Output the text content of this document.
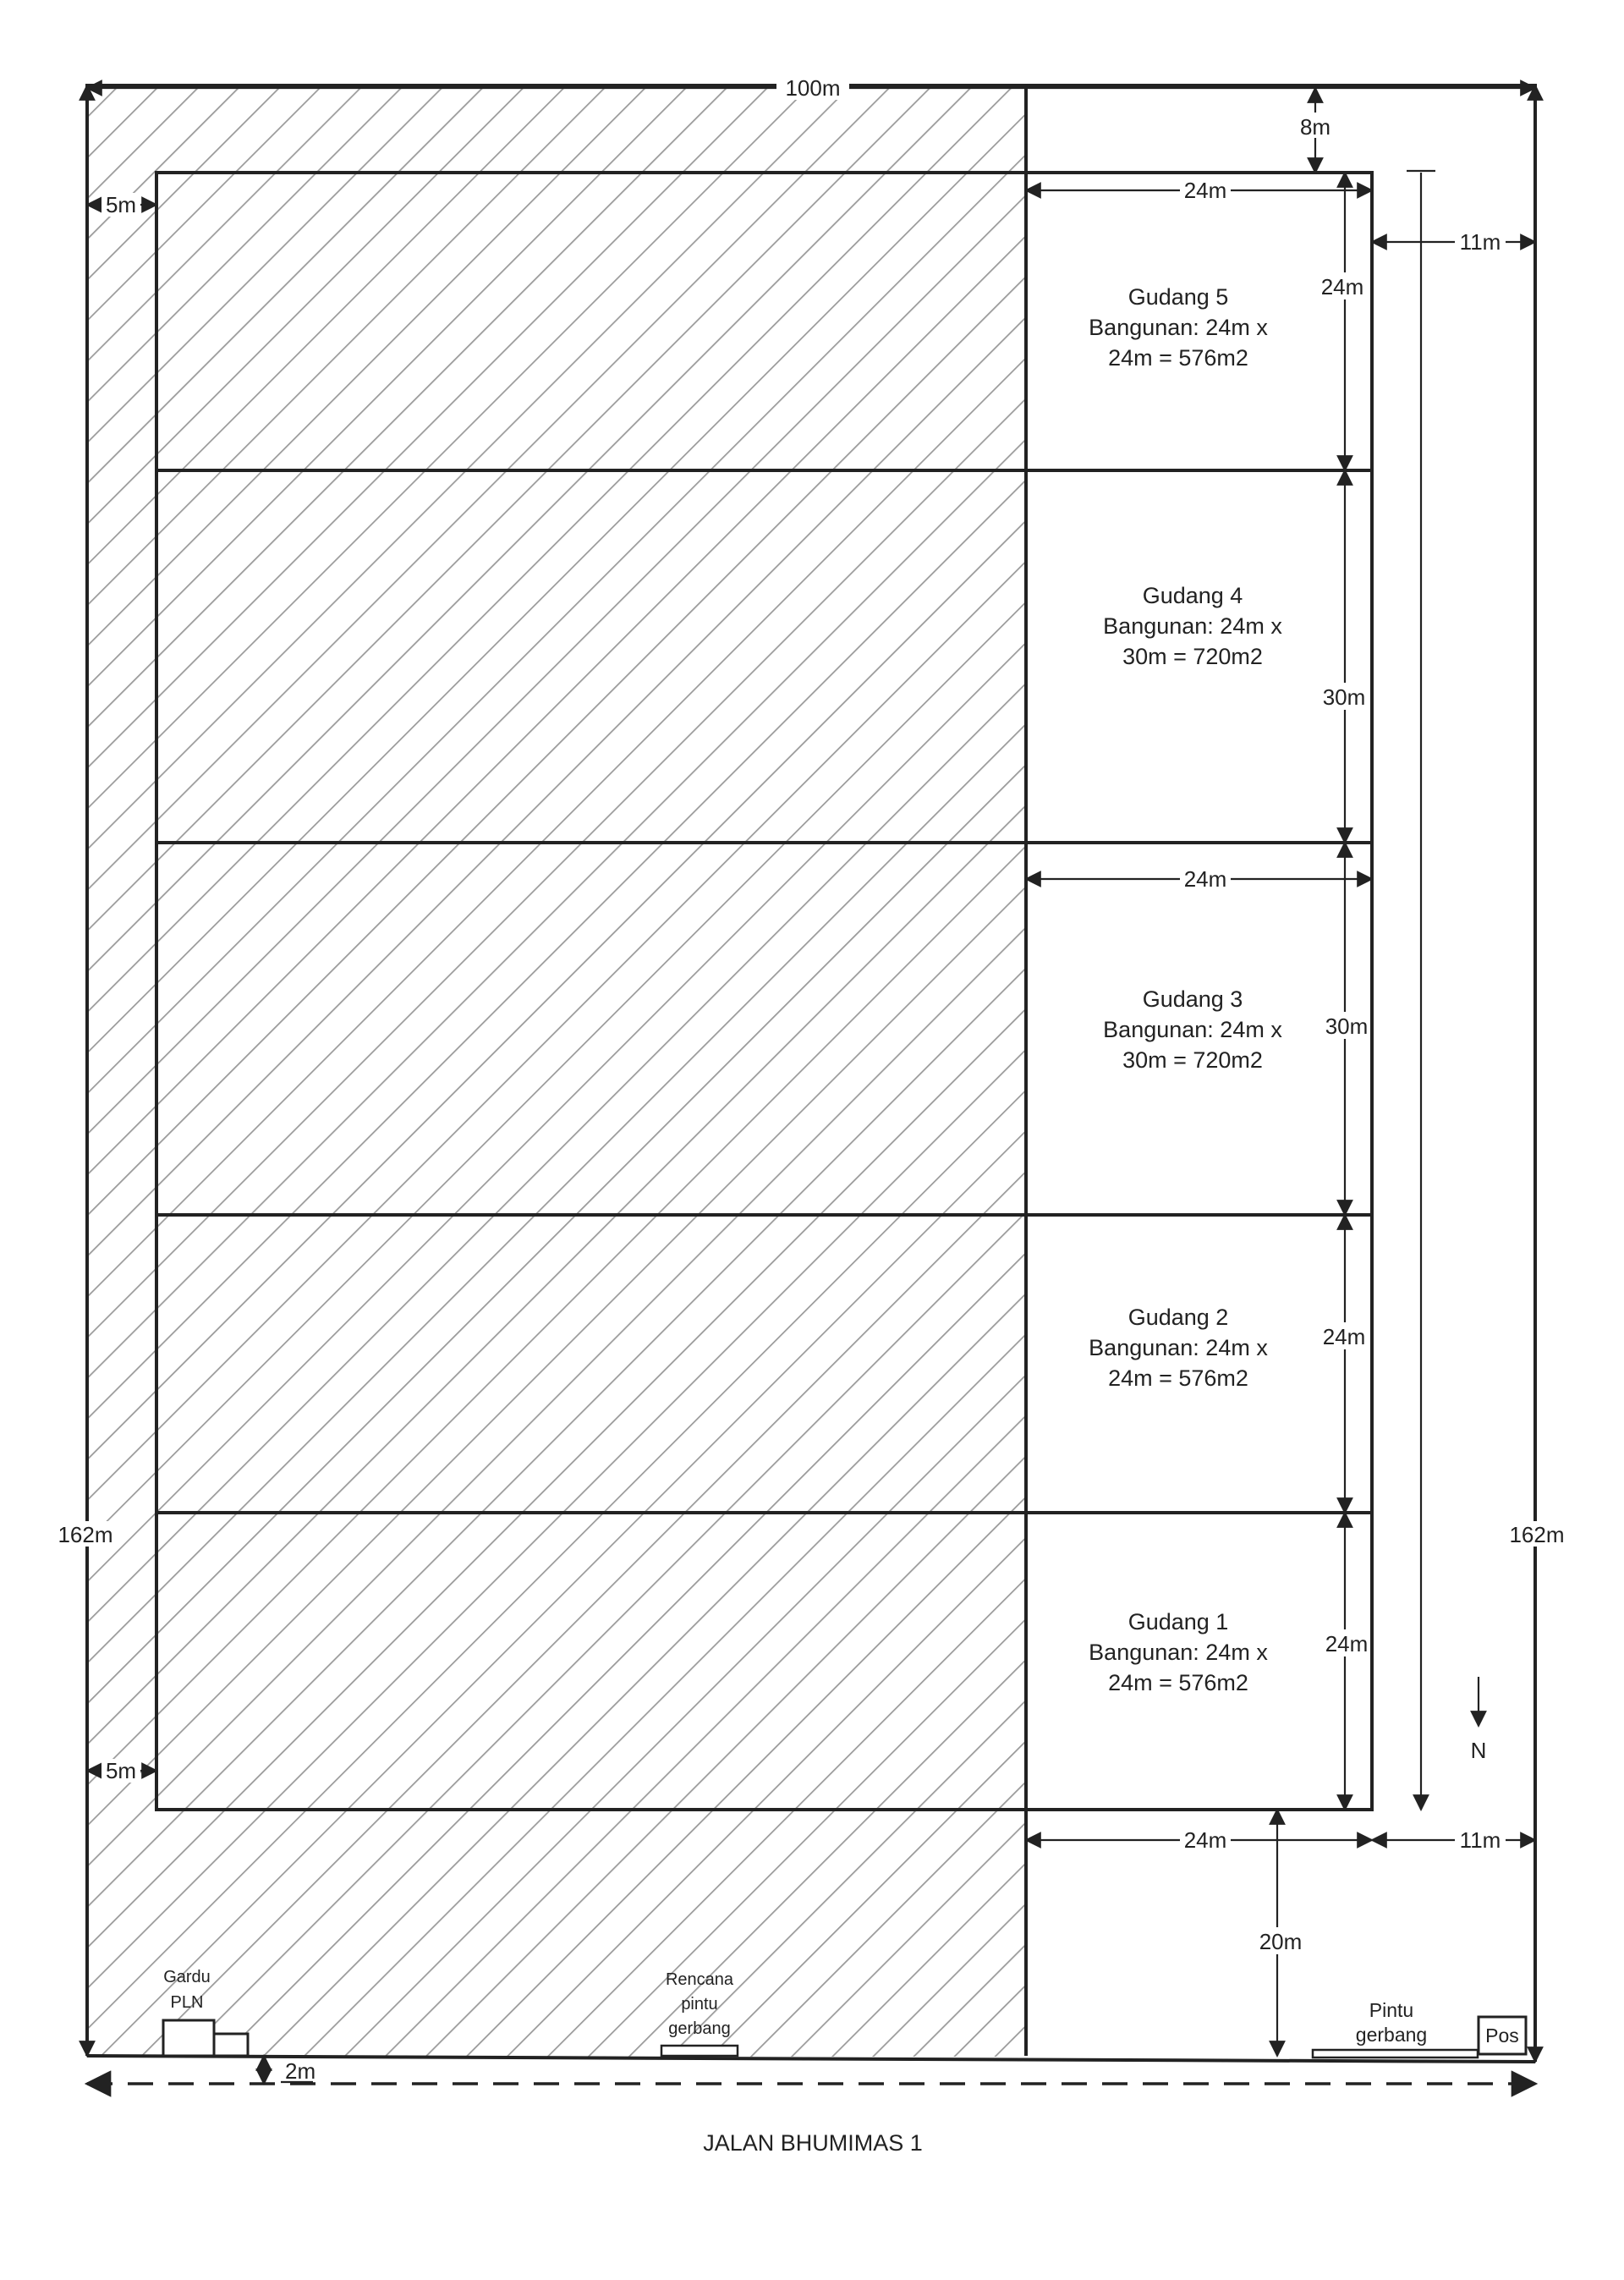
100m
8m
5m
5m
162m	162m
11m
11m
24m
24m
24m
24m
30m
30m
24m
24m
20m
Gudang 5
Bangunan: 24m x
24m = 576m2
Gudang 4
Bangunan: 24m x
30m = 720m2
Gudang 3
Bangunan: 24m x
30m = 720m2
Gudang 2
Bangunan: 24m x
24m = 576m2
Gudang 1
Bangunan: 24m x
24m = 576m2
N
Gardu
PLN
Rencana
pintu
gerbang
Pintu
gerbang	Pos
2m
JALAN BHUMIMAS 1
